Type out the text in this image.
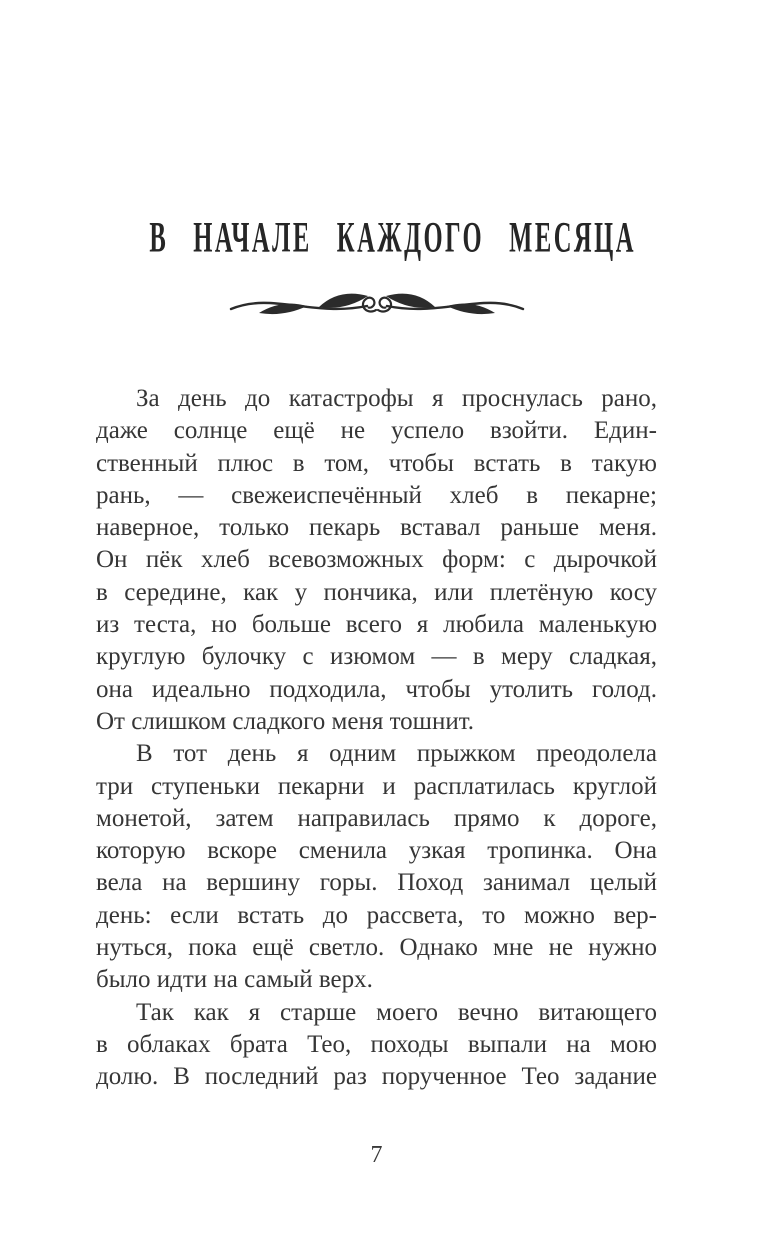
В НАЧАЛЕ КАЖДОГО МЕСЯЦА
За день до катастрофы я проснулась рано,
даже солнце ещё не успело взойти. Един-
ственный плюс в том, чтобы встать в такую
рань, — свежеиспечённый хлеб в пекарне;
наверное, только пекарь вставал раньше меня.
Он пёк хлеб всевозможных форм: с дырочкой
в середине, как у пончика, или плетёную косу
из теста, но больше всего я любила маленькую
круглую булочку с изюмом — в меру сладкая,
она идеально подходила, чтобы утолить голод.
От слишком сладкого меня тошнит.
В тот день я одним прыжком преодолела
три ступеньки пекарни и расплатилась круглой
монетой, затем направилась прямо к дороге,
которую вскоре сменила узкая тропинка. Она
вела на вершину горы. Поход занимал целый
день: если встать до рассвета, то можно вер-
нуться, пока ещё светло. Однако мне не нужно
было идти на самый верх.
Так как я старше моего вечно витающего
в облаках брата Тео, походы выпали на мою
долю. В последний раз порученное Тео задание
7
